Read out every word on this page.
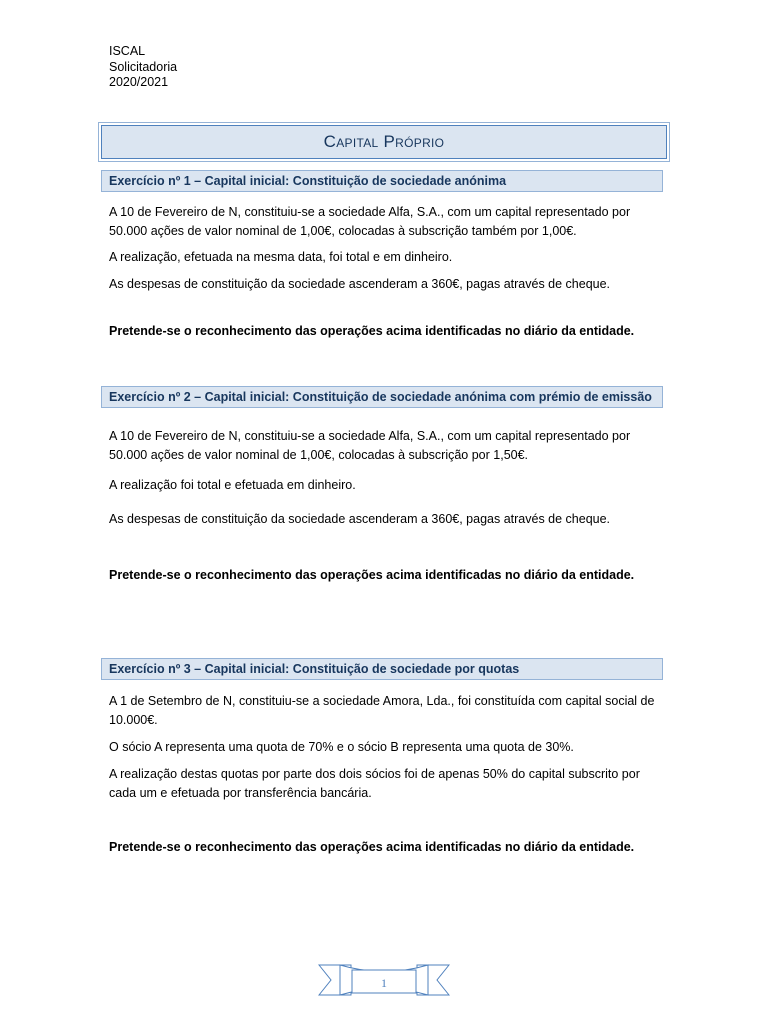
ISCAL
Solicitadoria
2020/2021
Capital Próprio
Exercício nº 1 – Capital inicial: Constituição de sociedade anónima
A 10 de Fevereiro de N, constituiu-se a sociedade Alfa, S.A., com um capital representado por 50.000 ações de valor nominal de 1,00€, colocadas à subscrição também por 1,00€.
A realização, efetuada na mesma data, foi total e em dinheiro.
As despesas de constituição da sociedade ascenderam a 360€, pagas através de cheque.
Pretende-se o reconhecimento das operações acima identificadas no diário da entidade.
Exercício nº 2 – Capital inicial: Constituição de sociedade anónima com prémio de emissão
A 10 de Fevereiro de N, constituiu-se a sociedade Alfa, S.A., com um capital representado por 50.000 ações de valor nominal de 1,00€, colocadas à subscrição por 1,50€.
A realização foi total e efetuada em dinheiro.
As despesas de constituição da sociedade ascenderam a 360€, pagas através de cheque.
Pretende-se o reconhecimento das operações acima identificadas no diário da entidade.
Exercício nº 3 – Capital inicial: Constituição de sociedade por quotas
A 1 de Setembro de N, constituiu-se a sociedade Amora, Lda., foi constituída com capital social de 10.000€.
O sócio A representa uma quota de 70% e o sócio B representa uma quota de 30%.
A realização destas quotas por parte dos dois sócios foi de apenas 50% do capital subscrito por cada um e efetuada por transferência bancária.
Pretende-se o reconhecimento das operações acima identificadas no diário da entidade.
1
